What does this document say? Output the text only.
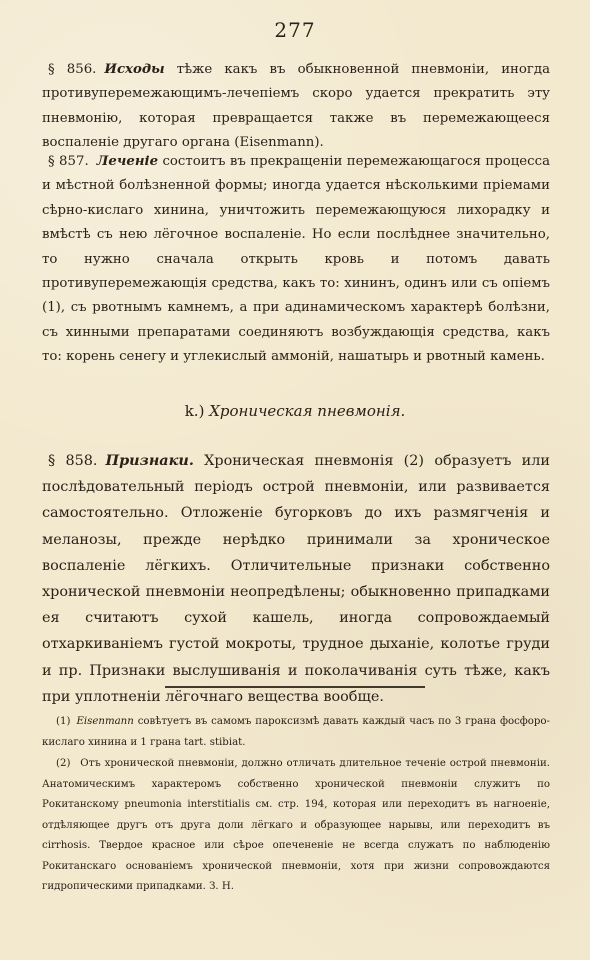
277

§ 856. Исходы тѣже какъ въ обыкновенной пневмоніи, иногда противуперемежающимъ-лечепіемъ скоро удается прекратить эту пневмонію, которая превращается также въ перемежающееся воспаленіе другаго органа (Eisenmann).

§ 857. Леченіе состоитъ въ прекращеніи перемежающагося процесса и мѣстной болѣзненной формы; иногда удается нѣсколькими пріемами сѣрно-кислаго хинина, уничтожить перемежающуюся лихорадку и вмѣстѣ съ нею лёгочное воспаленіе. Но если послѣднее значительно, то нужно сначала открыть кровь и потомъ давать противуперемежающія средства, какъ то: хининъ, одинъ или съ опіемъ (1), съ рвотнымъ камнемъ, а при адинамическомъ характерѣ болѣзни, съ хинными препаратами соединяютъ возбуждающія средства, какъ то: корень сенегу и углекислый аммоній, нашатырь и рвотный камень.

k.) Хроническая пневмонія.

§ 858. Признаки. Хроническая пневмонія (2) образуетъ или послѣдовательный періодъ острой пневмоніи, или развивается самостоятельно. Отложеніе бугорковъ до ихъ размягченія и меланозы, прежде нерѣдко принимали за хроническое воспаленіе лёгкихъ. Отличительные признаки собственно хронической пневмоніи неопредѣлены; обыкновенно припадками ея считаютъ сухой кашель, иногда сопровождаемый отхаркиваніемъ густой мокроты, трудное дыханіе, колотье груди и пр. Признаки выслушиванія и поколачиванія суть тѣже, какъ при уплотненіи лёгочнаго вещества вообще.

(1) Eisenmann совѣтуетъ въ самомъ пароксизмѣ давать каждый часъ по 3 грана фосфоро-кислаго хинина и 1 грана tart. stibiat.

(2) Отъ хронической пневмоніи, должно отличать длительное теченіе острой пневмоніи. Анатомическимъ характеромъ собственно хронической пневмоніи служитъ по Рокитанскому pneumonia interstitialis см. стр. 194, которая или переходитъ въ нагноеніе, отдѣляющее другъ отъ друга доли лёгкаго и образующее нарывы, или переходитъ въ cirrhosis. Твердое красное или сѣрое опечененіе не всегда служатъ по наблюденію Рокитанскаго основаніемъ хронической пневмоніи, хотя при жизни сопровождаются гидропическими припадками. З. Н.
